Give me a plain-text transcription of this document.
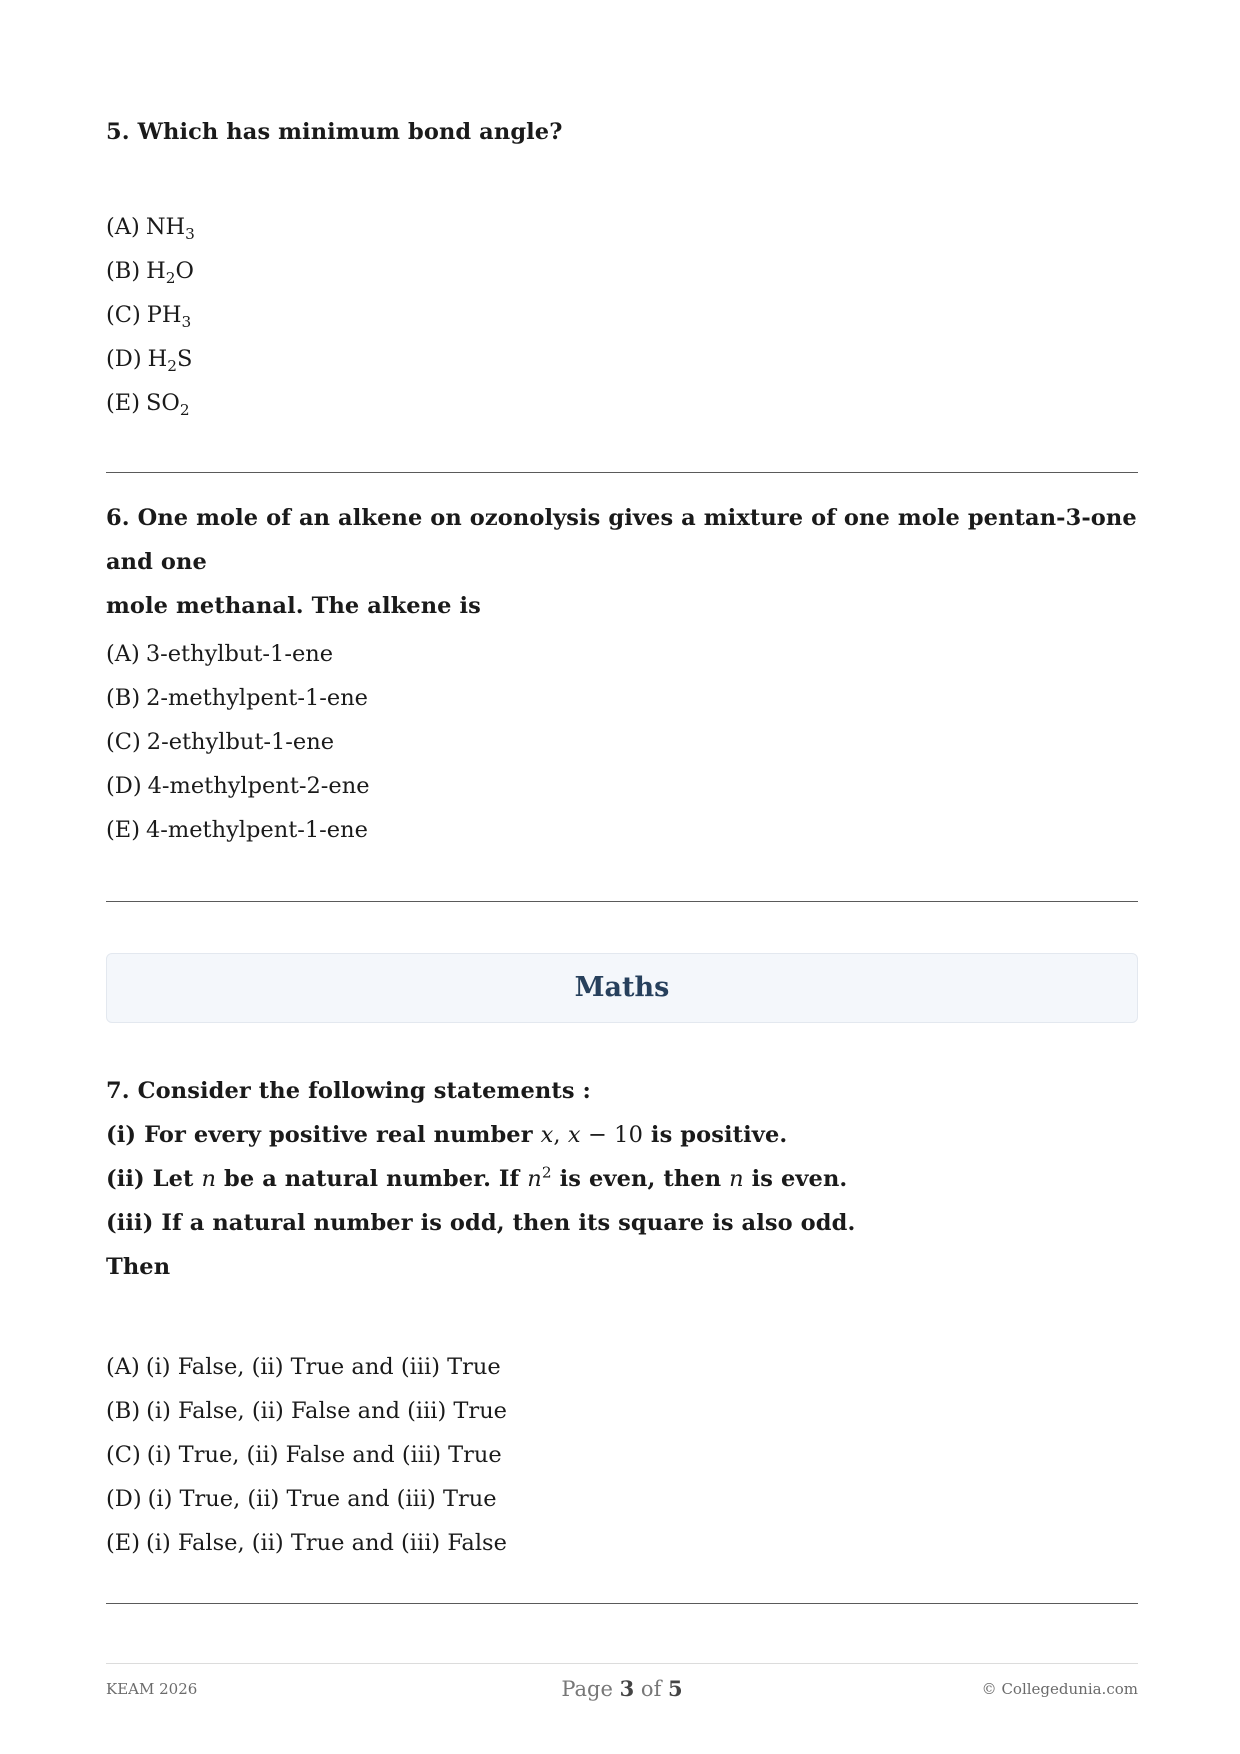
5. Which has minimum bond angle?
(A) $NH_3$
(B) $H_2O$
(C) $PH_3$
(D) $H_2S$
(E) $SO_2$
6. One mole of an alkene on ozonolysis gives a mixture of one mole pentan-3-one and one
mole methanal. The alkene is
(A) 3-ethylbut-1-ene
(B) 2-methylpent-1-ene
(C) 2-ethylbut-1-ene
(D) 4-methylpent-2-ene
(E) 4-methylpent-1-ene
Maths
7. Consider the following statements :
(i) For every positive real number x, x − 10 is positive.
(ii) Let n be a natural number. If $n^2$ is even, then n is even.
(iii) If a natural number is odd, then its square is also odd.
Then
(A) (i) False, (ii) True and (iii) True
(B) (i) False, (ii) False and (iii) True
(C) (i) True, (ii) False and (iii) True
(D) (i) True, (ii) True and (iii) True
(E) (i) False, (ii) True and (iii) False
KEAM 2026	Page 3 of 5	© Collegedunia.com
